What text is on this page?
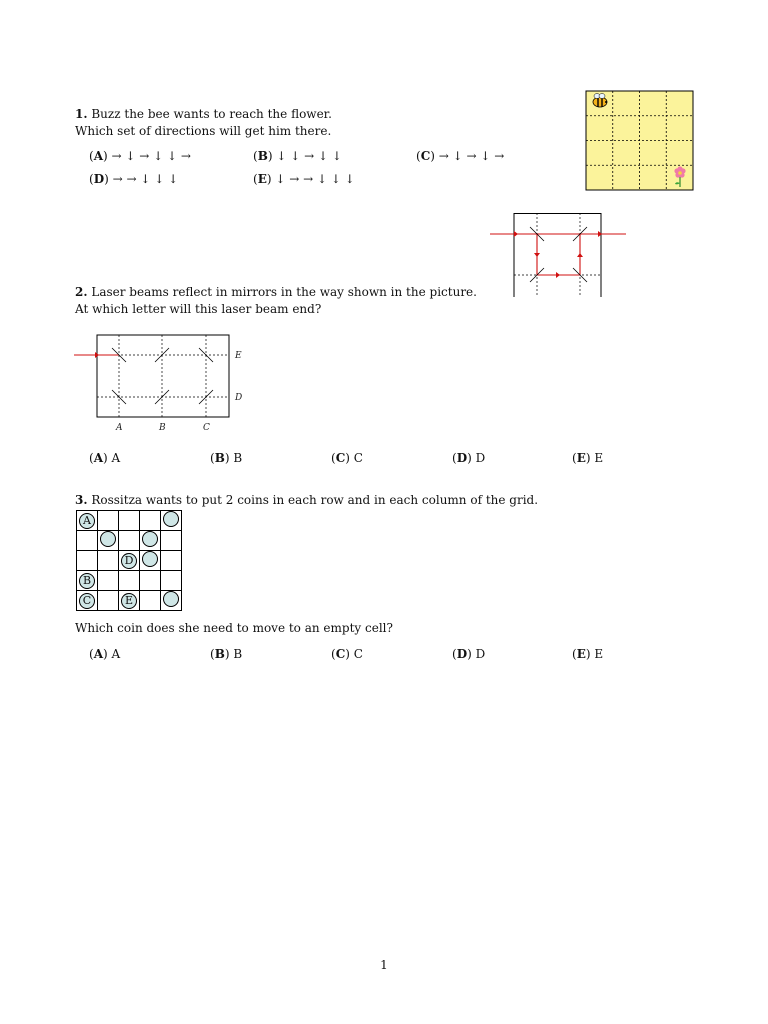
1. Buzz the bee wants to reach the flower.
Which set of directions will get him there.
(A) → ↓ → ↓ ↓ →	(B) ↓ ↓ → ↓ ↓	(C) → ↓ → ↓ →
(D) → → ↓ ↓ ↓	(E) ↓ → → ↓ ↓ ↓
2. Laser beams reflect in mirrors in the way shown in the picture.
At which letter will this laser beam end?
E
D
A	B	C
(A) A	(B) B	(C) C	(D) D	(E) E
3. Rossitza wants to put 2 coins in each row and in each column of the grid.
A				

		D		
B				
C		E		
Which coin does she need to move to an empty cell?
(A) A	(B) B	(C) C	(D) D	(E) E
1
